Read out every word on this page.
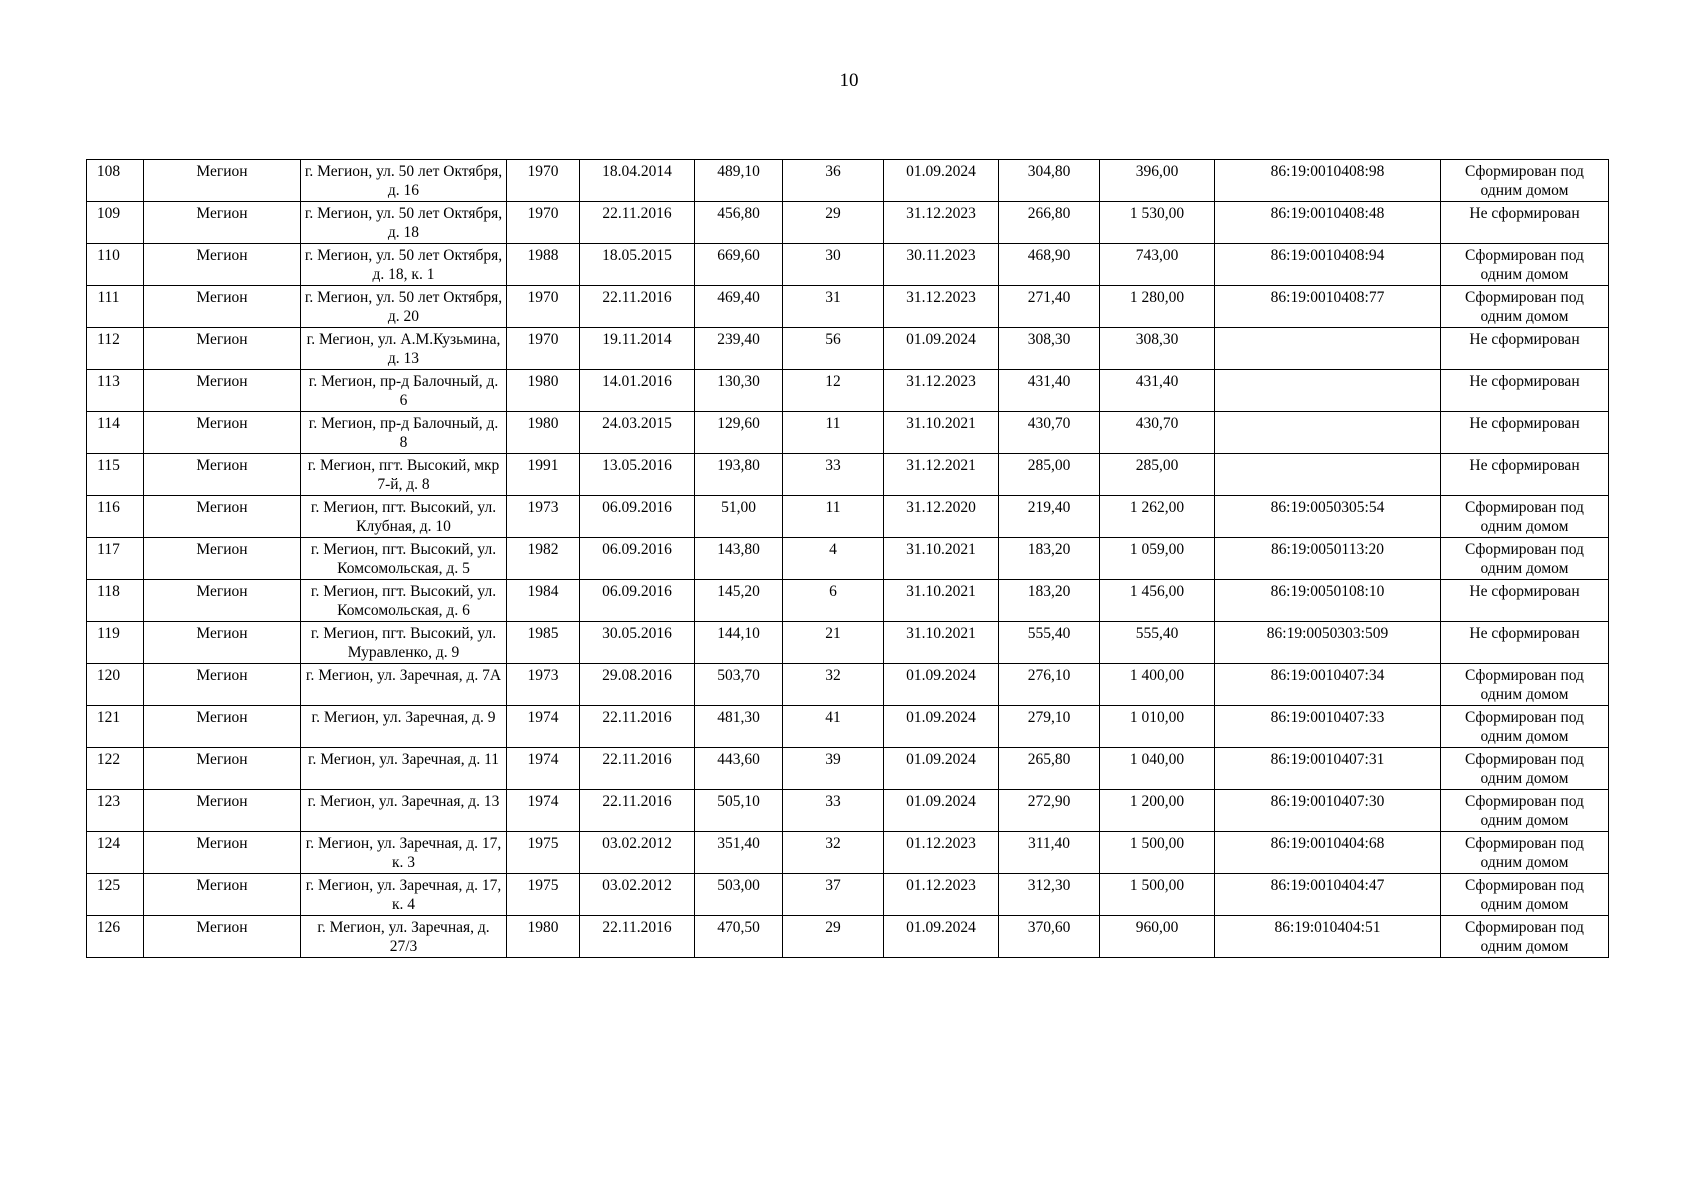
10
108	Мегион	г. Мегион, ул. 50 лет Октября, д. 16	1970	18.04.2014	489,10	36	01.09.2024	304,80	396,00	86:19:0010408:98	Сформирован под одним домом
109	Мегион	г. Мегион, ул. 50 лет Октября, д. 18	1970	22.11.2016	456,80	29	31.12.2023	266,80	1 530,00	86:19:0010408:48	Не сформирован
110	Мегион	г. Мегион, ул. 50 лет Октября, д. 18, к. 1	1988	18.05.2015	669,60	30	30.11.2023	468,90	743,00	86:19:0010408:94	Сформирован под одним домом
111	Мегион	г. Мегион, ул. 50 лет Октября, д. 20	1970	22.11.2016	469,40	31	31.12.2023	271,40	1 280,00	86:19:0010408:77	Сформирован под одним домом
112	Мегион	г. Мегион, ул. А.М.Кузьмина, д. 13	1970	19.11.2014	239,40	56	01.09.2024	308,30	308,30		Не сформирован
113	Мегион	г. Мегион, пр-д Балочный, д. 6	1980	14.01.2016	130,30	12	31.12.2023	431,40	431,40		Не сформирован
114	Мегион	г. Мегион, пр-д Балочный, д. 8	1980	24.03.2015	129,60	11	31.10.2021	430,70	430,70		Не сформирован
115	Мегион	г. Мегион, пгт. Высокий, мкр 7-й, д. 8	1991	13.05.2016	193,80	33	31.12.2021	285,00	285,00		Не сформирован
116	Мегион	г. Мегион, пгт. Высокий, ул. Клубная, д. 10	1973	06.09.2016	51,00	11	31.12.2020	219,40	1 262,00	86:19:0050305:54	Сформирован под одним домом
117	Мегион	г. Мегион, пгт. Высокий, ул. Комсомольская, д. 5	1982	06.09.2016	143,80	4	31.10.2021	183,20	1 059,00	86:19:0050113:20	Сформирован под одним домом
118	Мегион	г. Мегион, пгт. Высокий, ул. Комсомольская, д. 6	1984	06.09.2016	145,20	6	31.10.2021	183,20	1 456,00	86:19:0050108:10	Не сформирован
119	Мегион	г. Мегион, пгт. Высокий, ул. Муравленко, д. 9	1985	30.05.2016	144,10	21	31.10.2021	555,40	555,40	86:19:0050303:509	Не сформирован
120	Мегион	г. Мегион, ул. Заречная, д. 7А	1973	29.08.2016	503,70	32	01.09.2024	276,10	1 400,00	86:19:0010407:34	Сформирован под одним домом
121	Мегион	г. Мегион, ул. Заречная, д. 9	1974	22.11.2016	481,30	41	01.09.2024	279,10	1 010,00	86:19:0010407:33	Сформирован под одним домом
122	Мегион	г. Мегион, ул. Заречная, д. 11	1974	22.11.2016	443,60	39	01.09.2024	265,80	1 040,00	86:19:0010407:31	Сформирован под одним домом
123	Мегион	г. Мегион, ул. Заречная, д. 13	1974	22.11.2016	505,10	33	01.09.2024	272,90	1 200,00	86:19:0010407:30	Сформирован под одним домом
124	Мегион	г. Мегион, ул. Заречная, д. 17, к. 3	1975	03.02.2012	351,40	32	01.12.2023	311,40	1 500,00	86:19:0010404:68	Сформирован под одним домом
125	Мегион	г. Мегион, ул. Заречная, д. 17, к. 4	1975	03.02.2012	503,00	37	01.12.2023	312,30	1 500,00	86:19:0010404:47	Сформирован под одним домом
126	Мегион	г. Мегион, ул. Заречная, д. 27/3	1980	22.11.2016	470,50	29	01.09.2024	370,60	960,00	86:19:010404:51	Сформирован под одним домом
